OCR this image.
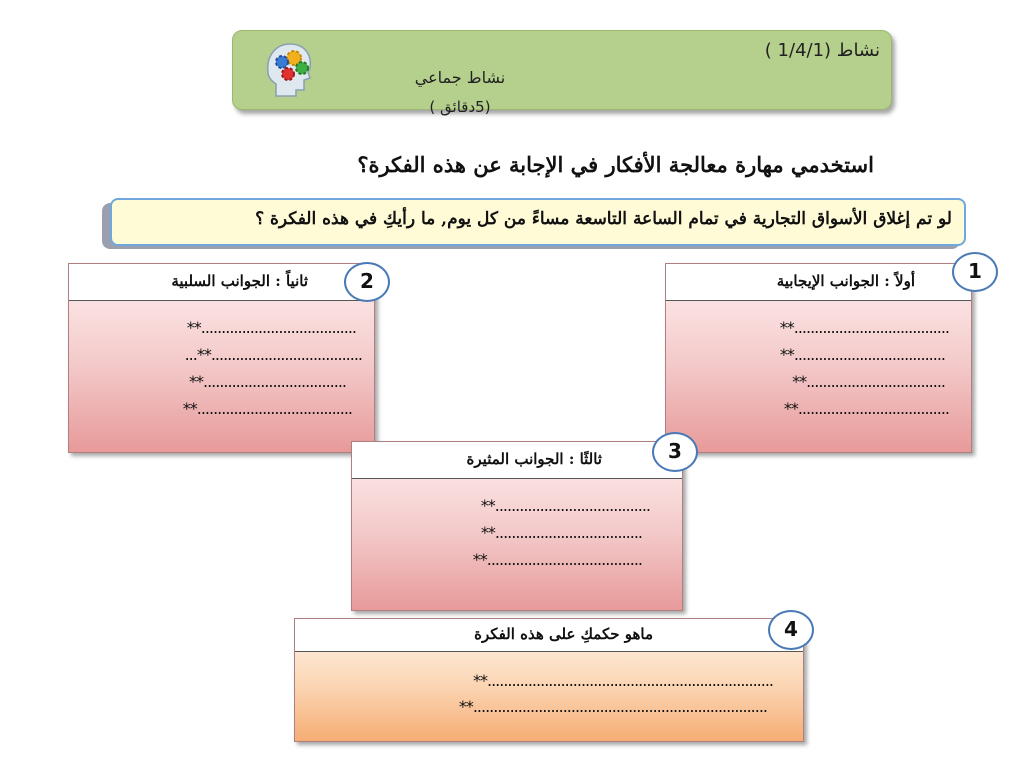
نشاط (1/4/1 )
نشاط جماعي
(5دقائق )
استخدمي مهارة معالجة الأفكار في الإجابة عن هذه الفكرة؟
لو تم إغلاق الأسواق التجارية في تمام الساعة التاسعة مساءً من كل يوم, ما رأيكِ في هذه الفكرة ؟
أولاً : الجوانب الإيجابية
**......................................
**.....................................
**..................................
**.....................................
1
ثانياً : الجوانب السلبية
**......................................
...**.....................................
**...................................
**......................................
2
ثالثًا : الجوانب المثيرة
**......................................
**....................................
**......................................
3
ماهو حكمكِ على هذه الفكرة
**......................................................................
**........................................................................
4
